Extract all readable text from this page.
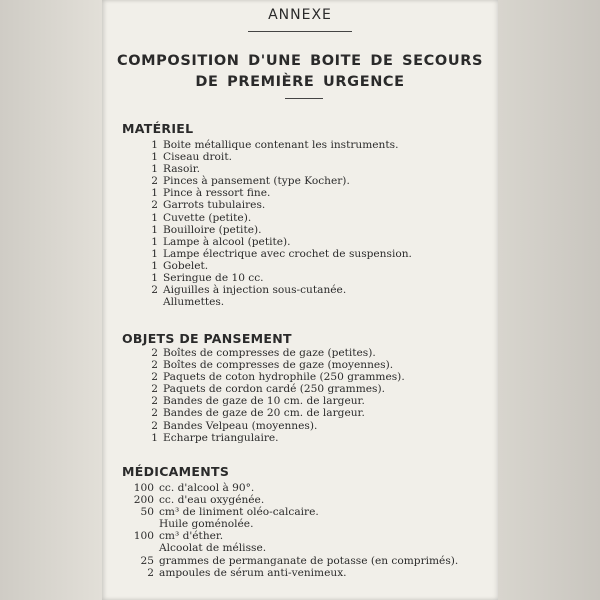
ANNEXE
COMPOSITION D'UNE BOITE DE SECOURS
DE PREMIÈRE URGENCE
MATÉRIEL
1 Boite métallique contenant les instruments.
1 Ciseau droit.
1 Rasoir.
2 Pinces à pansement (type Kocher).
1 Pince à ressort fine.
2 Garrots tubulaires.
1 Cuvette (petite).
1 Bouilloire (petite).
1 Lampe à alcool (petite).
1 Lampe électrique avec crochet de suspension.
1 Gobelet.
1 Seringue de 10 cc.
2 Aiguilles à injection sous-cutanée.
Allumettes.
OBJETS DE PANSEMENT
2 Boîtes de compresses de gaze (petites).
2 Boîtes de compresses de gaze (moyennes).
2 Paquets de coton hydrophile (250 grammes).
2 Paquets de cordon cardé (250 grammes).
2 Bandes de gaze de 10 cm. de largeur.
2 Bandes de gaze de 20 cm. de largeur.
2 Bandes Velpeau (moyennes).
1 Echarpe triangulaire.
MÉDICAMENTS
100 cc. d'alcool à 90°.
200 cc. d'eau oxygénée.
50 cm³ de liniment oléo-calcaire.
Huile goménolée.
100 cm³ d'éther.
Alcoolat de mélisse.
25 grammes de permanganate de potasse (en comprimés).
2 ampoules de sérum anti-venimeux.
